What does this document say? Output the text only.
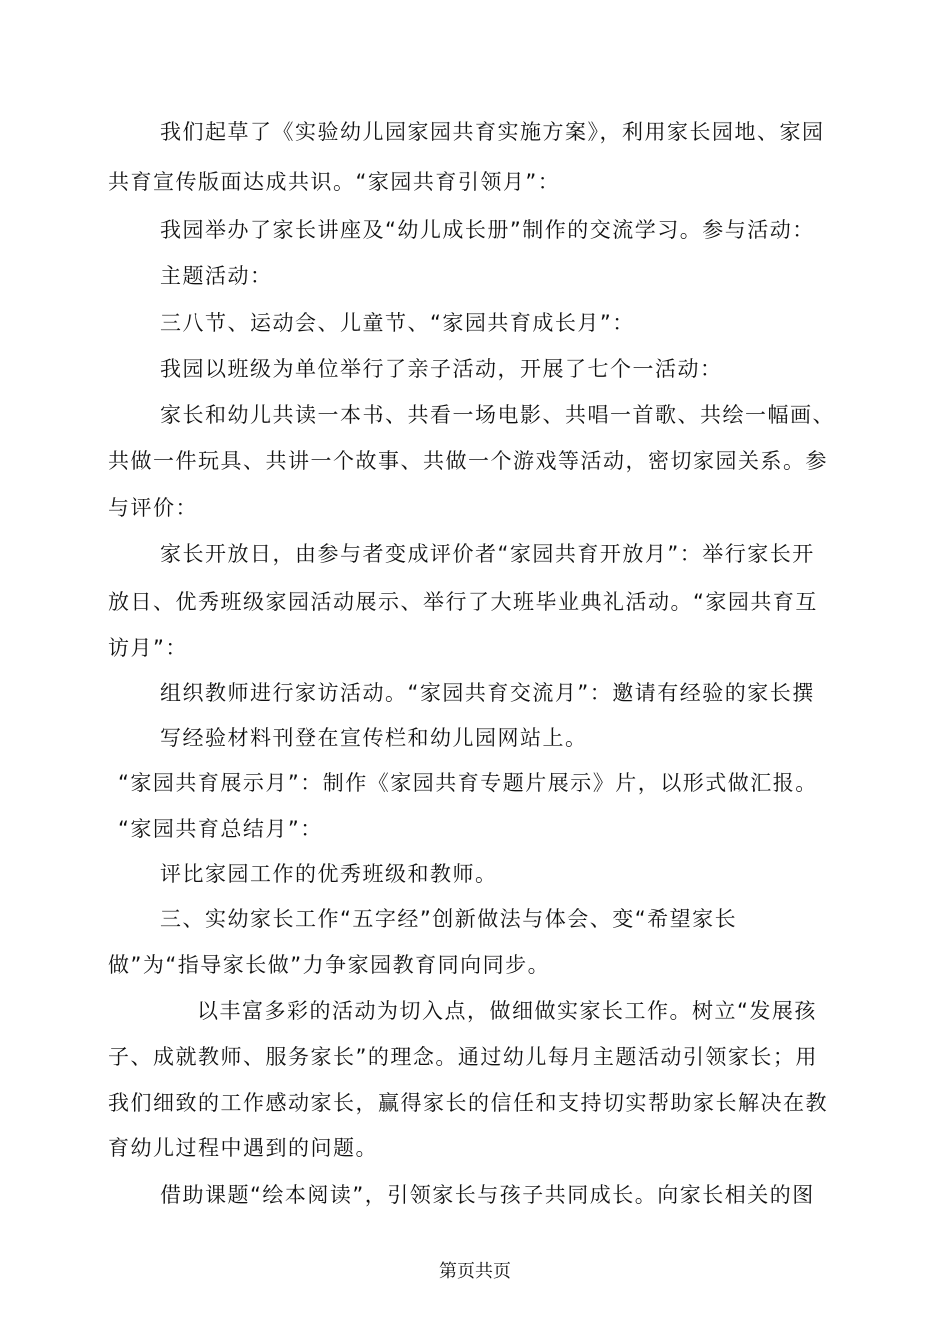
我们起草了《实验幼儿园家园共育实施方案》，利用家长园地、家园
共育宣传版面达成共识。“家园共育引领月”：
我园举办了家长讲座及“幼儿成长册”制作的交流学习。参与活动：
主题活动：
三八节、运动会、儿童节、“家园共育成长月”：
我园以班级为单位举行了亲子活动，开展了七个一活动：
家长和幼儿共读一本书、共看一场电影、共唱一首歌、共绘一幅画、
共做一件玩具、共讲一个故事、共做一个游戏等活动，密切家园关系。参
与评价：
家长开放日，由参与者变成评价者“家园共育开放月”：举行家长开
放日、优秀班级家园活动展示、举行了大班毕业典礼活动。“家园共育互
访月”：
组织教师进行家访活动。“家园共育交流月”：邀请有经验的家长撰
写经验材料刊登在宣传栏和幼儿园网站上。
“家园共育展示月”：制作《家园共育专题片展示》片，以形式做汇报。
“家园共育总结月”：
评比家园工作的优秀班级和教师。
三、实幼家长工作“五字经”创新做法与体会、变“希望家长
做”为“指导家长做”力争家园教育同向同步。
以丰富多彩的活动为切入点，做细做实家长工作。树立“发展孩
子、成就教师、服务家长”的理念。通过幼儿每月主题活动引领家长；用
我们细致的工作感动家长，赢得家长的信任和支持切实帮助家长解决在教
育幼儿过程中遇到的问题。
借助课题“绘本阅读”，引领家长与孩子共同成长。向家长相关的图
第页共页
